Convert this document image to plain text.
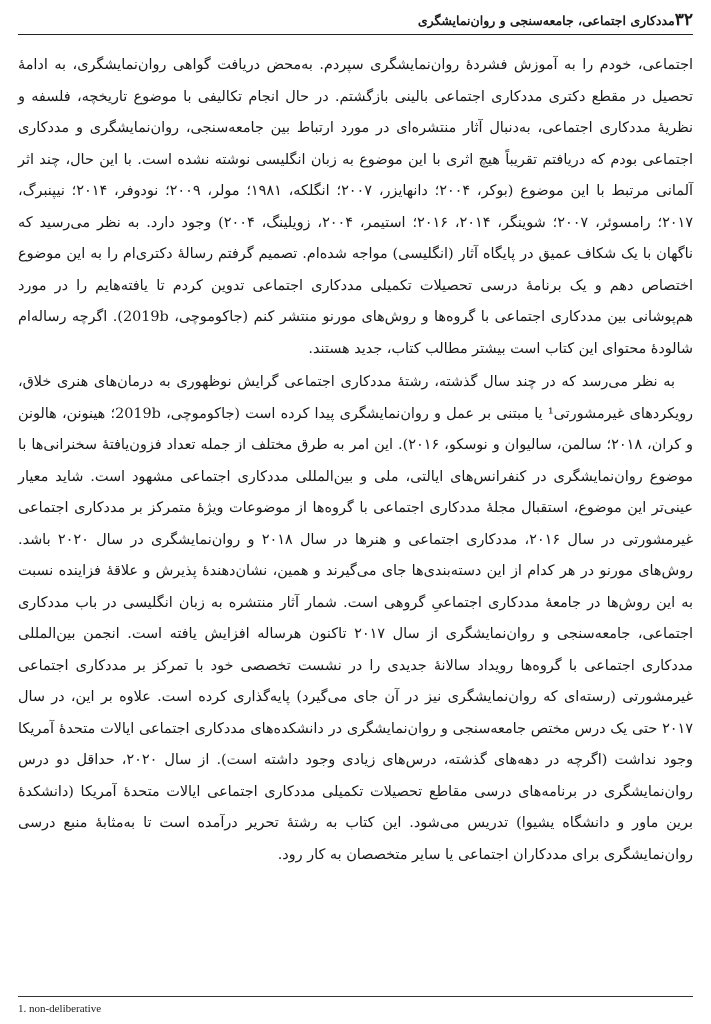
۳۲
مددکاری اجتماعی، جامعه‌سنجی و روان‌نمایشگری

اجتماعی، خودم را به آموزش فشردهٔ روان‌نمایشگری سپردم. به‌محض دریافت گواهی روان‌نمایشگری، به ادامهٔ تحصیل در مقطع دکتری مددکاری اجتماعی بالینی بازگشتم. در حال انجام تکالیفی با موضوع تاریخچه، فلسفه و نظریهٔ مددکاری اجتماعی، به‌دنبال آثار منتشره‌ای در مورد ارتباط بین جامعه‌سنجی، روان‌نمایشگری و مددکاری اجتماعی بودم که دریافتم تقریباً هیچ اثری با این موضوع به زبان انگلیسی نوشته نشده است. با این حال، چند اثر آلمانی مرتبط با این موضوع (بوکر، ۲۰۰۴؛ دانهایزر، ۲۰۰۷؛ انگلکه، ۱۹۸۱؛ مولر، ۲۰۰۹؛ نودوفر، ۲۰۱۴؛ نیپنبرگ، ۲۰۱۷؛ رامسوئر، ۲۰۰۷؛ شوینگر، ۲۰۱۴، ۲۰۱۶؛ استیمر، ۲۰۰۴، زویلینگ، ۲۰۰۴) وجود دارد. به نظر می‌رسید که ناگهان با یک شکاف عمیق در پایگاه آثار (انگلیسی) مواجه شده‌ام. تصمیم گرفتم رسالهٔ دکتری‌ام را به این موضوع اختصاص دهم و یک برنامهٔ درسی تحصیلات تکمیلی مددکاری اجتماعی تدوین کردم تا یافته‌هایم را در مورد هم‌پوشانی بین مددکاری اجتماعی با گروه‌ها و روش‌های مورنو منتشر کنم (جاکوموچی، 2019b). اگرچه رساله‌ام شالودهٔ محتوای این کتاب است بیشتر مطالب کتاب، جدید هستند.

به نظر می‌رسد که در چند سال گذشته، رشتهٔ مددکاری اجتماعی گرایش نوظهوری به درمان‌های هنری خلاق، رویکردهای غیرمشورتی¹ یا مبتنی بر عمل و روان‌نمایشگری پیدا کرده است (جاکوموچی، 2019b؛ هینونن، هالونن و کران، ۲۰۱۸؛ سالمن، سالیوان و نوسکو، ۲۰۱۶). این امر به طرق مختلف از جمله تعداد فزون‌یافتهٔ سخنرانی‌ها با موضوع روان‌نمایشگری در کنفرانس‌های ایالتی، ملی و بین‌المللی مددکاری اجتماعی مشهود است. شاید معیار عینی‌تر این موضوع، استقبال مجلهٔ مددکاری اجتماعی با گروه‌ها از موضوعات ویژهٔ متمرکز بر مددکاری اجتماعی غیرمشورتی در سال ۲۰۱۶، مددکاری اجتماعی و هنرها در سال ۲۰۱۸ و روان‌نمایشگری در سال ۲۰۲۰ باشد. روش‌های مورنو در هر کدام از این دسته‌بندی‌ها جای می‌گیرند و همین، نشان‌دهندهٔ پذیرش و علاقهٔ فزاینده نسبت به این روش‌ها در جامعهٔ مددکاری اجتماعیِ گروهی است. شمار آثار منتشره به زبان انگلیسی در باب مددکاری اجتماعی، جامعه‌سنجی و روان‌نمایشگری از سال ۲۰۱۷ تاکنون هرساله افزایش یافته است. انجمن بین‌المللی مددکاری اجتماعی با گروه‌ها رویداد سالانهٔ جدیدی را در نشست تخصصی خود با تمرکز بر مددکاری اجتماعی غیرمشورتی (رسته‌ای که روان‌نمایشگری نیز در آن جای می‌گیرد) پایه‌گذاری کرده است. علاوه بر این، در سال ۲۰۱۷ حتی یک درس مختص جامعه‌سنجی و روان‌نمایشگری در دانشکده‌های مددکاری اجتماعی ایالات متحدهٔ آمریکا وجود نداشت (اگرچه در دهه‌های گذشته، درس‌های زیادی وجود داشته است). از سال ۲۰۲۰، حداقل دو درس روان‌نمایشگری در برنامه‌های درسی مقاطع تحصیلات تکمیلی مددکاری اجتماعی ایالات متحدهٔ آمریکا (دانشکدهٔ برین ماور و دانشگاه یشیوا) تدریس می‌شود. این کتاب به رشتهٔ تحریر درآمده است تا به‌مثابهٔ منبع درسی روان‌نمایشگری برای مددکاران اجتماعی یا سایر متخصصان به کار رود.

1. non-deliberative
